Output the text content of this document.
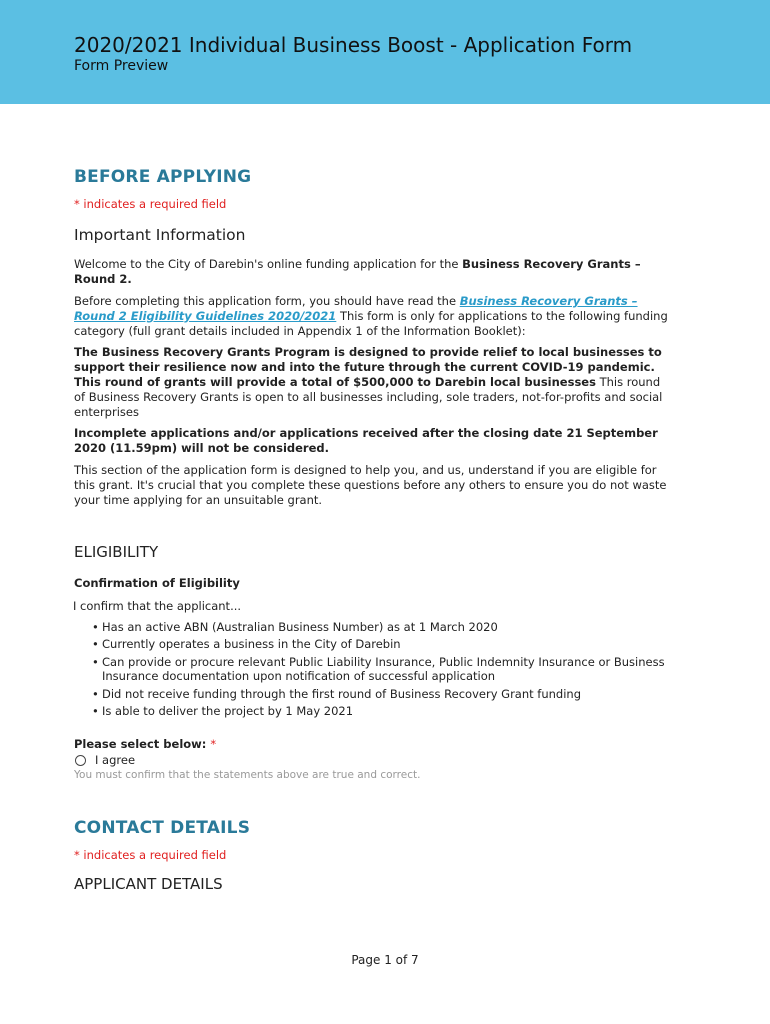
2020/2021 Individual Business Boost - Application Form
Form Preview
BEFORE APPLYING
* indicates a required field
Important Information

Welcome to the City of Darebin's online funding application for the Business Recovery Grants – Round 2.

Before completing this application form, you should have read the Business Recovery Grants – Round 2 Eligibility Guidelines 2020/2021 This form is only for applications to the following funding category (full grant details included in Appendix 1 of the Information Booklet):

The Business Recovery Grants Program is designed to provide relief to local businesses to support their resilience now and into the future through the current COVID-19 pandemic. This round of grants will provide a total of $500,000 to Darebin local businesses This round of Business Recovery Grants is open to all businesses including, sole traders, not-for-profits and social enterprises

Incomplete applications and/or applications received after the closing date 21 September 2020 (11.59pm) will not be considered.

This section of the application form is designed to help you, and us, understand if you are eligible for this grant. It's crucial that you complete these questions before any others to ensure you do not waste your time applying for an unsuitable grant.

ELIGIBILITY
Confirmation of Eligibility
I confirm that the applicant...
• Has an active ABN (Australian Business Number) as at 1 March 2020
• Currently operates a business in the City of Darebin
• Can provide or procure relevant Public Liability Insurance, Public Indemnity Insurance or Business Insurance documentation upon notification of successful application
• Did not receive funding through the first round of Business Recovery Grant funding
• Is able to deliver the project by 1 May 2021
Please select below: *
I agree
You must confirm that the statements above are true and correct.
CONTACT DETAILS
* indicates a required field
APPLICANT DETAILS
Page 1 of 7
